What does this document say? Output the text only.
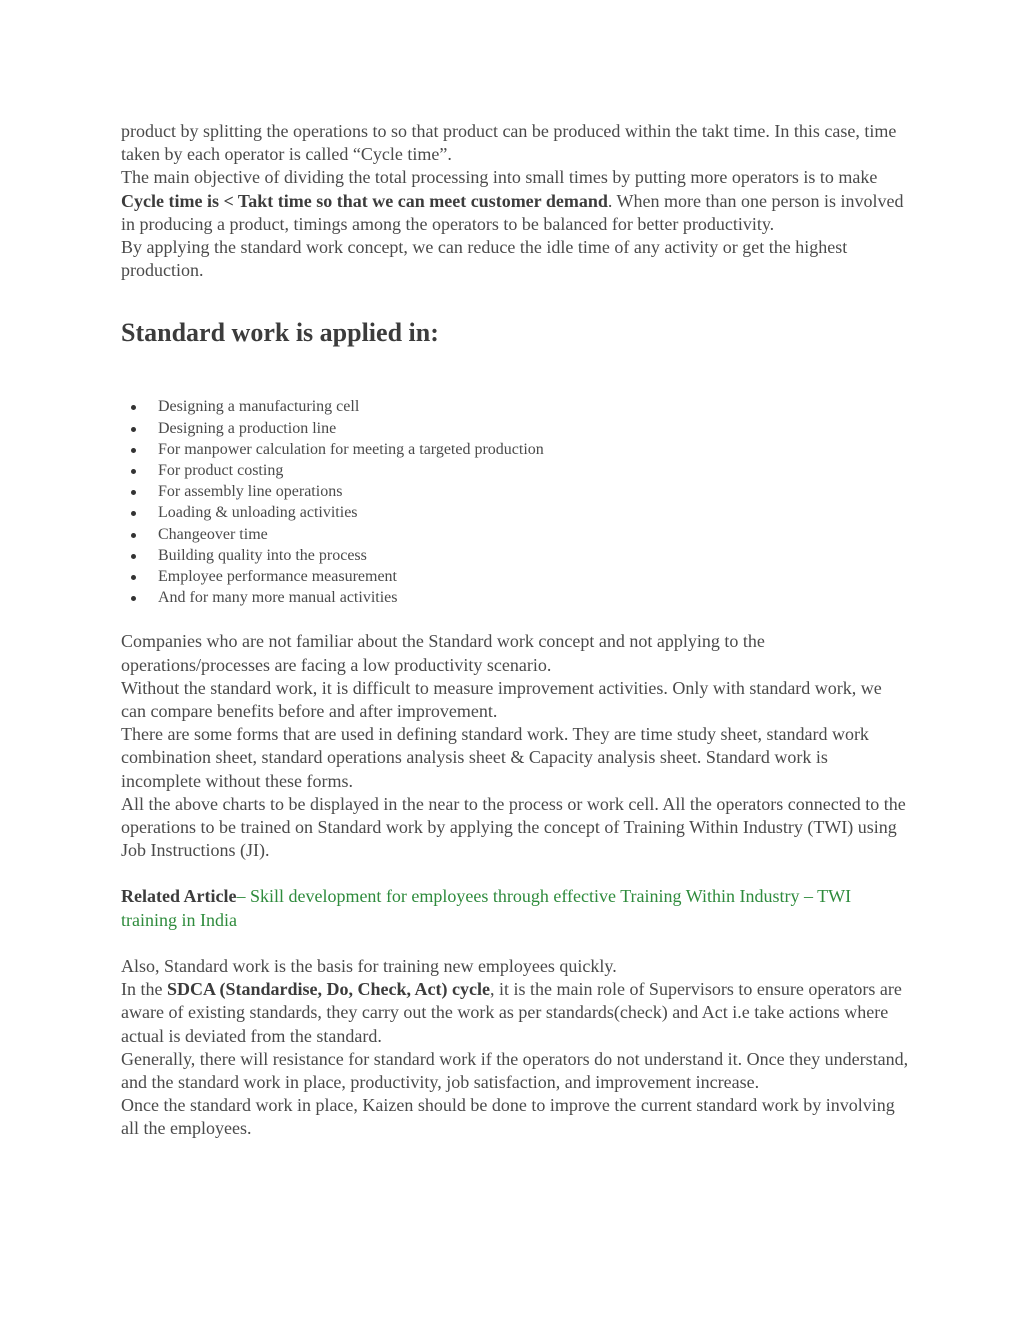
product by splitting the operations to so that product can be produced within the takt time. In this case, time taken by each operator is called “Cycle time”.

The main objective of dividing the total processing into small times by putting more operators is to make

Cycle time is < Takt time so that we can meet customer demand. When more than one person is involved in producing a product, timings among the operators to be balanced for better productivity.

By applying the standard work concept, we can reduce the idle time of any activity or get the highest production.

Standard work is applied in:
Designing a manufacturing cell
Designing a production line
For manpower calculation for meeting a targeted production
For product costing
For assembly line operations
Loading & unloading activities
Changeover time
Building quality into the process
Employee performance measurement
And for many more manual activities

Companies who are not familiar about the Standard work concept and not applying to the operations/processes are facing a low productivity scenario.

Without the standard work, it is difficult to measure improvement activities. Only with standard work, we can compare benefits before and after improvement.

There are some forms that are used in defining standard work. They are time study sheet, standard work combination sheet, standard operations analysis sheet & Capacity analysis sheet. Standard work is incomplete without these forms.

All the above charts to be displayed in the near to the process or work cell. All the operators connected to the operations to be trained on Standard work by applying the concept of Training Within Industry (TWI) using Job Instructions (JI).

Related Article– Skill development for employees through effective Training Within Industry – TWI training in India

Also, Standard work is the basis for training new employees quickly.

In the SDCA (Standardise, Do, Check, Act) cycle, it is the main role of Supervisors to ensure operators are aware of existing standards, they carry out the work as per standards(check) and Act i.e take actions where actual is deviated from the standard.

Generally, there will resistance for standard work if the operators do not understand it. Once they understand, and the standard work in place, productivity, job satisfaction, and improvement increase.

Once the standard work in place, Kaizen should be done to improve the current standard work by involving all the employees.
